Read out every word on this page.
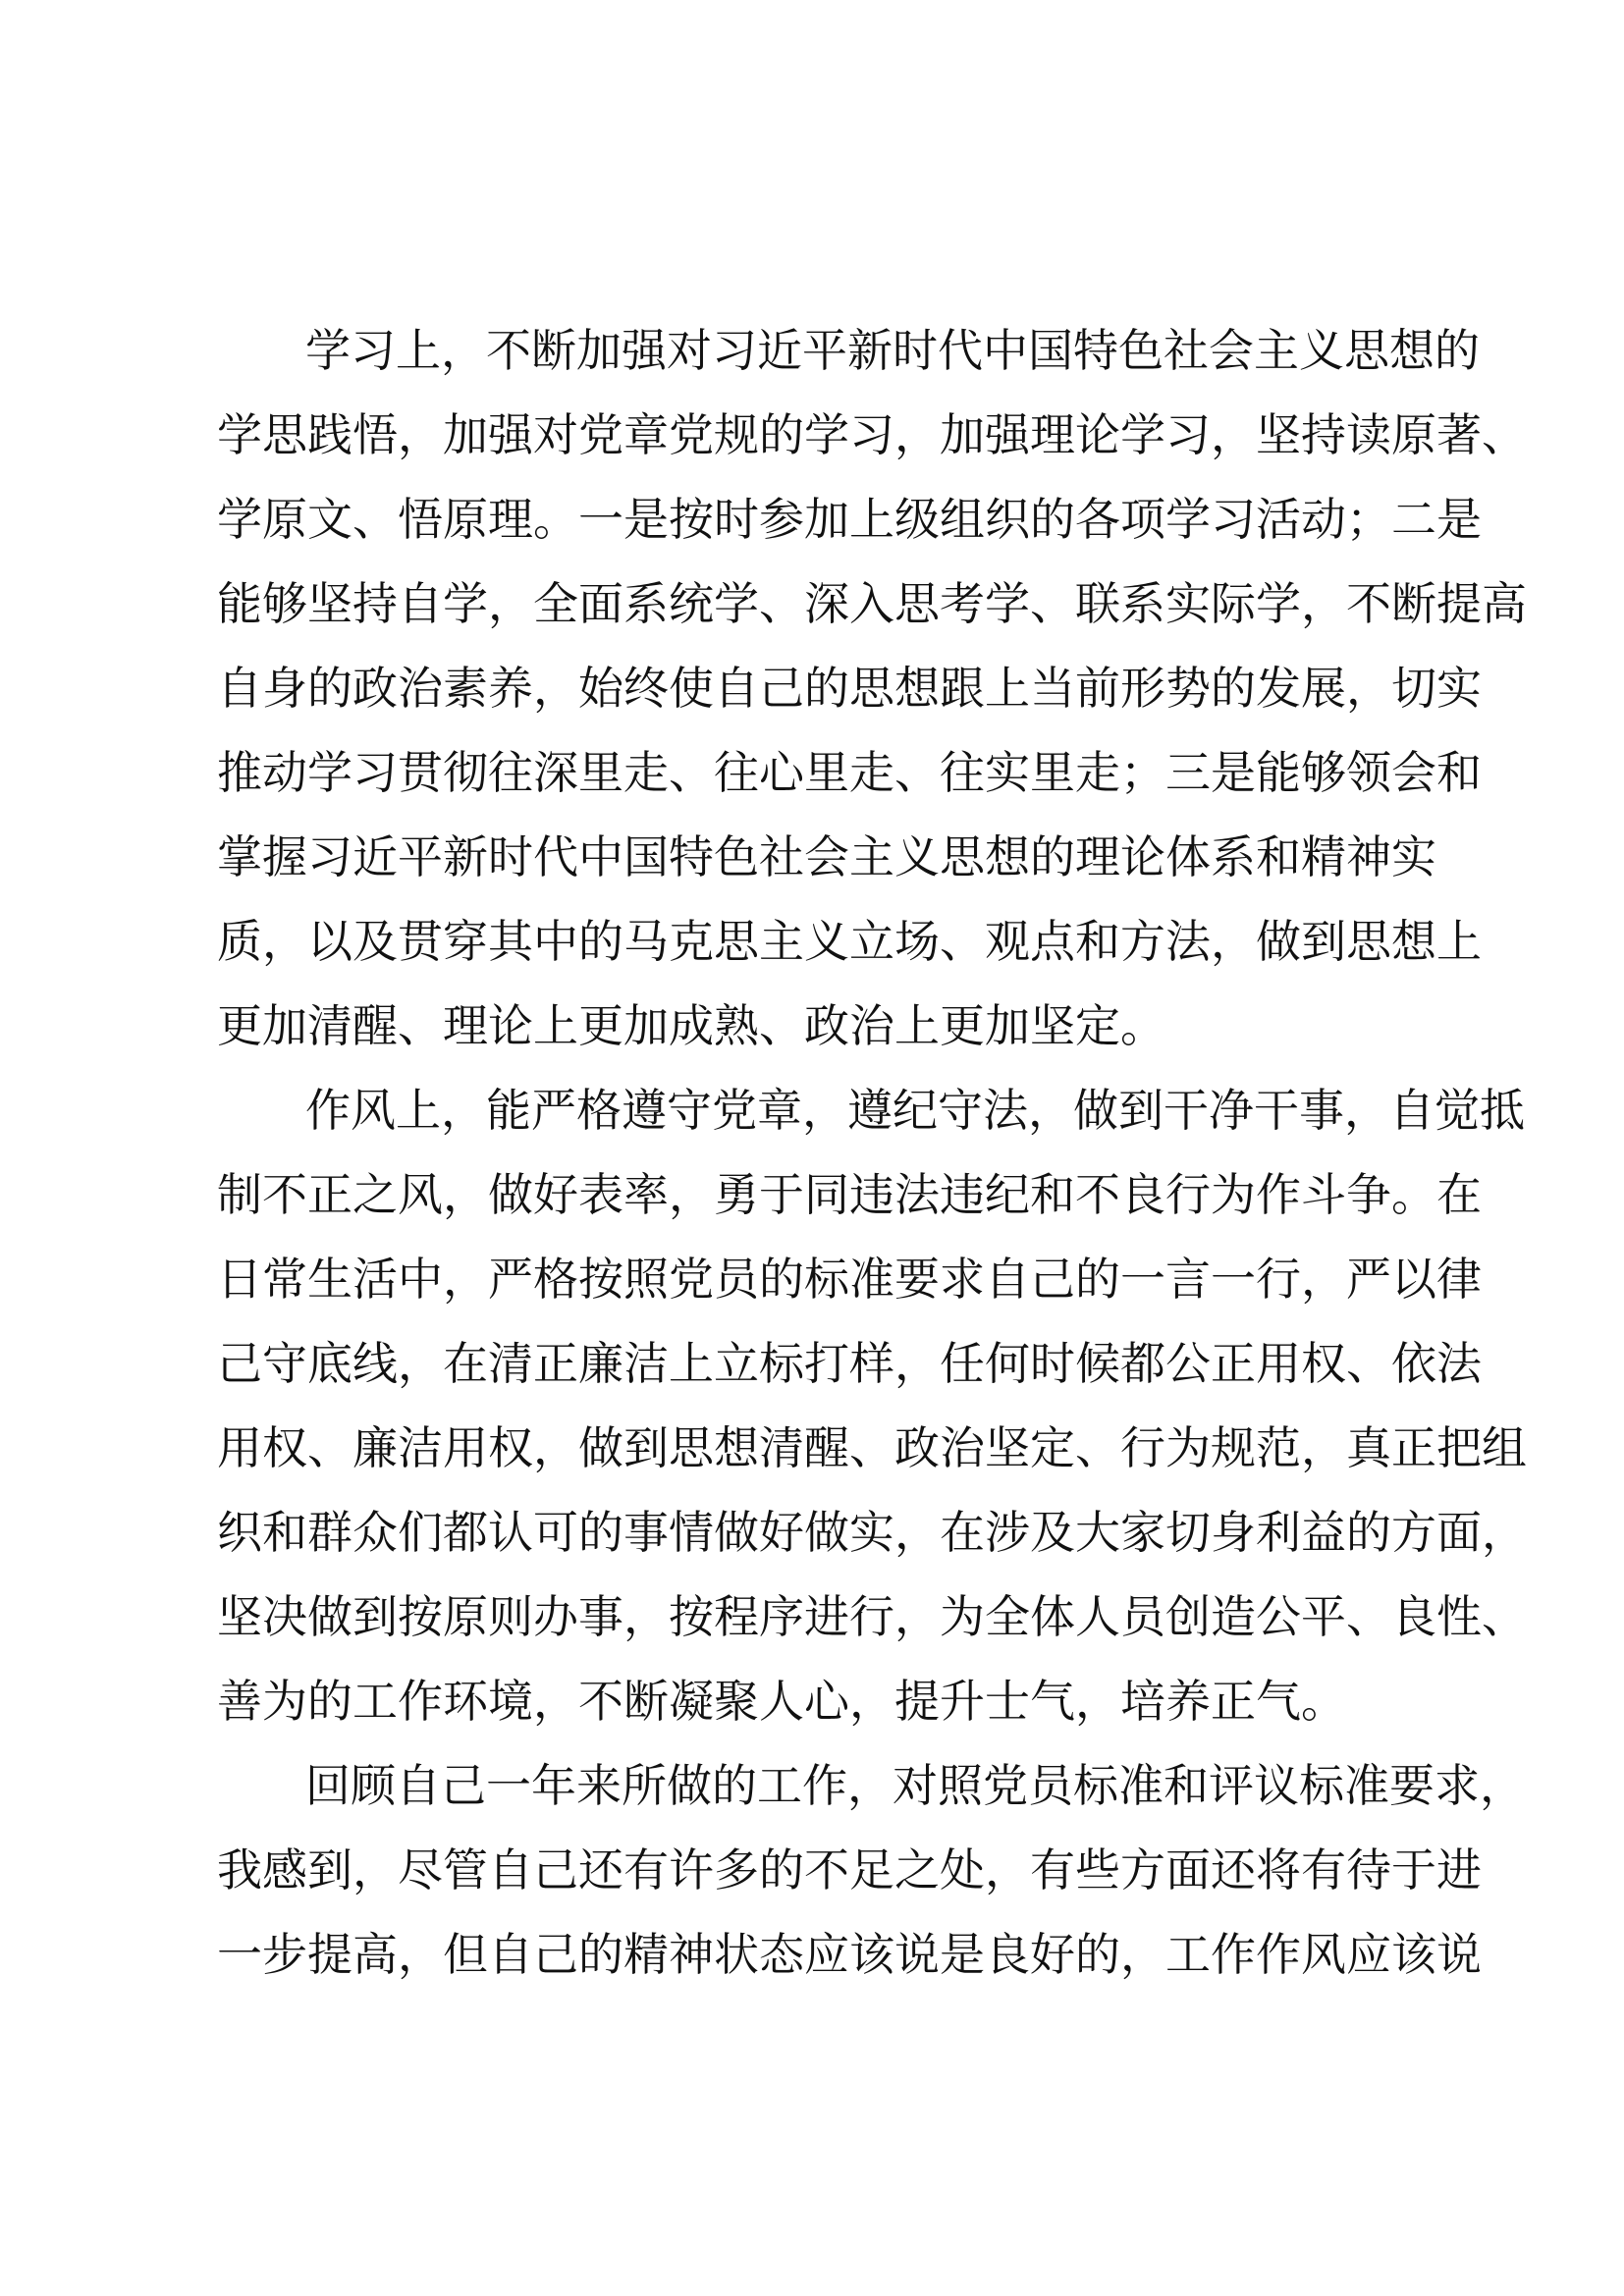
学习上，不断加强对习近平新时代中国特色社会主义思想的
学思践悟，加强对党章党规的学习，加强理论学习，坚持读原著、
学原文、悟原理。一是按时参加上级组织的各项学习活动；二是
能够坚持自学，全面系统学、深入思考学、联系实际学，不断提高
自身的政治素养，始终使自己的思想跟上当前形势的发展，切实
推动学习贯彻往深里走、往心里走、往实里走；三是能够领会和
掌握习近平新时代中国特色社会主义思想的理论体系和精神实
质，以及贯穿其中的马克思主义立场、观点和方法，做到思想上
更加清醒、理论上更加成熟、政治上更加坚定。
作风上，能严格遵守党章，遵纪守法，做到干净干事，自觉抵
制不正之风，做好表率，勇于同违法违纪和不良行为作斗争。在
日常生活中，严格按照党员的标准要求自己的一言一行，严以律
己守底线，在清正廉洁上立标打样，任何时候都公正用权、依法
用权、廉洁用权，做到思想清醒、政治坚定、行为规范，真正把组
织和群众们都认可的事情做好做实，在涉及大家切身利益的方面，
坚决做到按原则办事，按程序进行，为全体人员创造公平、良性、
善为的工作环境，不断凝聚人心，提升士气，培养正气。
回顾自己一年来所做的工作，对照党员标准和评议标准要求，
我感到，尽管自己还有许多的不足之处，有些方面还将有待于进
一步提高，但自己的精神状态应该说是良好的，工作作风应该说
